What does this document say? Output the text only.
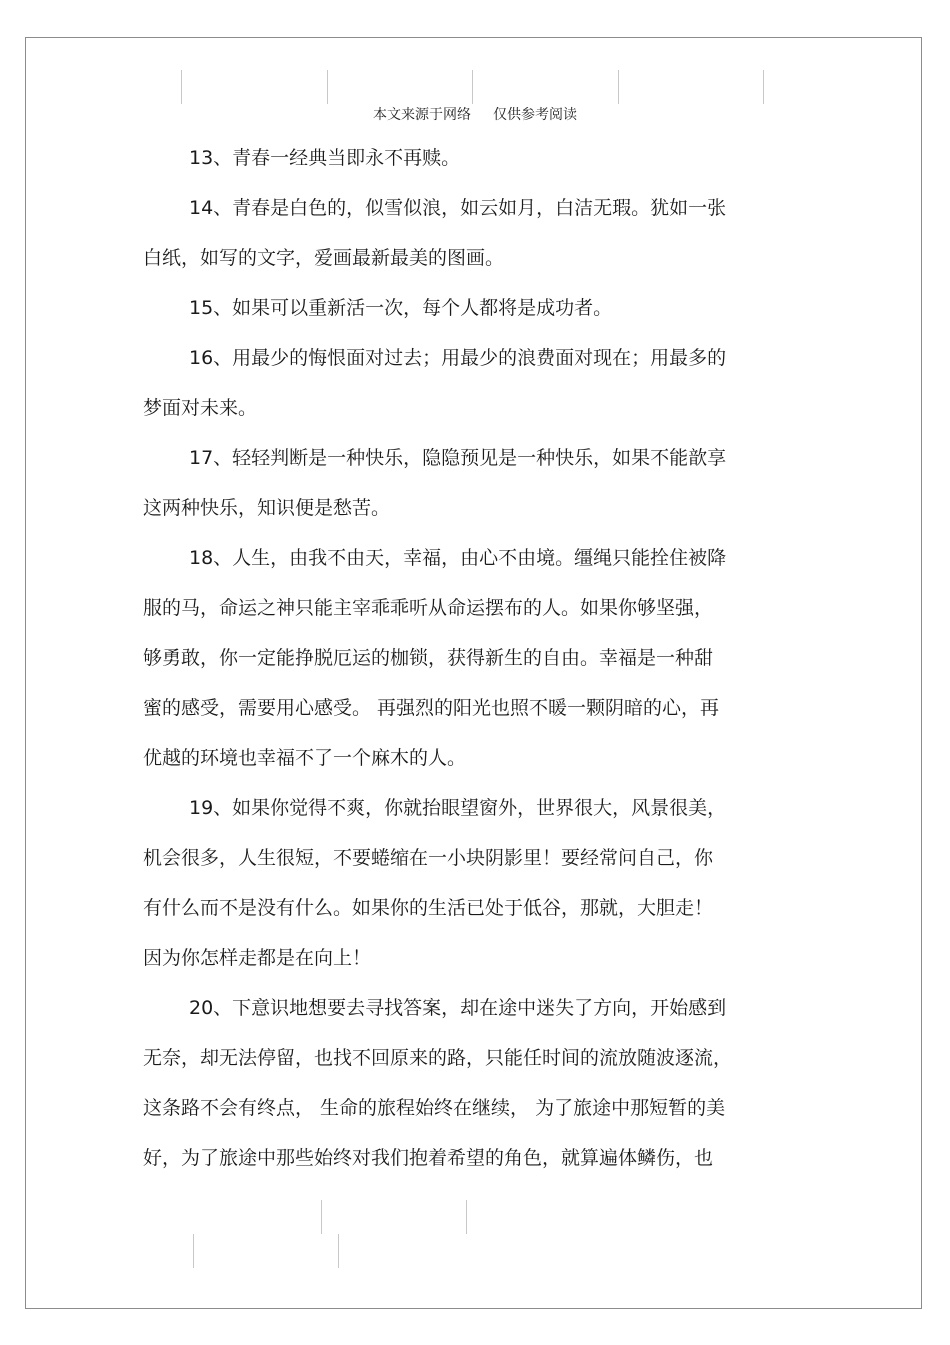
本文来源于网络 仅供参考阅读
13、青春一经典当即永不再赎。
14、青春是白色的，似雪似浪，如云如月，白洁无瑕。犹如一张
白纸，如写的文字，爱画最新最美的图画。
15、如果可以重新活一次，每个人都将是成功者。
16、用最少的悔恨面对过去；用最少的浪费面对现在；用最多的
梦面对未来。
17、轻轻判断是一种快乐，隐隐预见是一种快乐，如果不能歆享
这两种快乐，知识便是愁苦。
18、人生，由我不由天，幸福，由心不由境。缰绳只能拴住被降
服的马，命运之神只能主宰乖乖听从命运摆布的人。如果你够坚强，
够勇敢，你一定能挣脱厄运的枷锁，获得新生的自由。幸福是一种甜
蜜的感受，需要用心感受。 再强烈的阳光也照不暖一颗阴暗的心，再
优越的环境也幸福不了一个麻木的人。
19、如果你觉得不爽，你就抬眼望窗外，世界很大，风景很美，
机会很多，人生很短，不要蜷缩在一小块阴影里！要经常问自己，你
有什么而不是没有什么。如果你的生活已处于低谷，那就，大胆走！
因为你怎样走都是在向上！
20、下意识地想要去寻找答案，却在途中迷失了方向，开始感到
无奈，却无法停留，也找不回原来的路，只能任时间的流放随波逐流，
这条路不会有终点， 生命的旅程始终在继续， 为了旅途中那短暂的美
好，为了旅途中那些始终对我们抱着希望的角色，就算遍体鳞伤，也
